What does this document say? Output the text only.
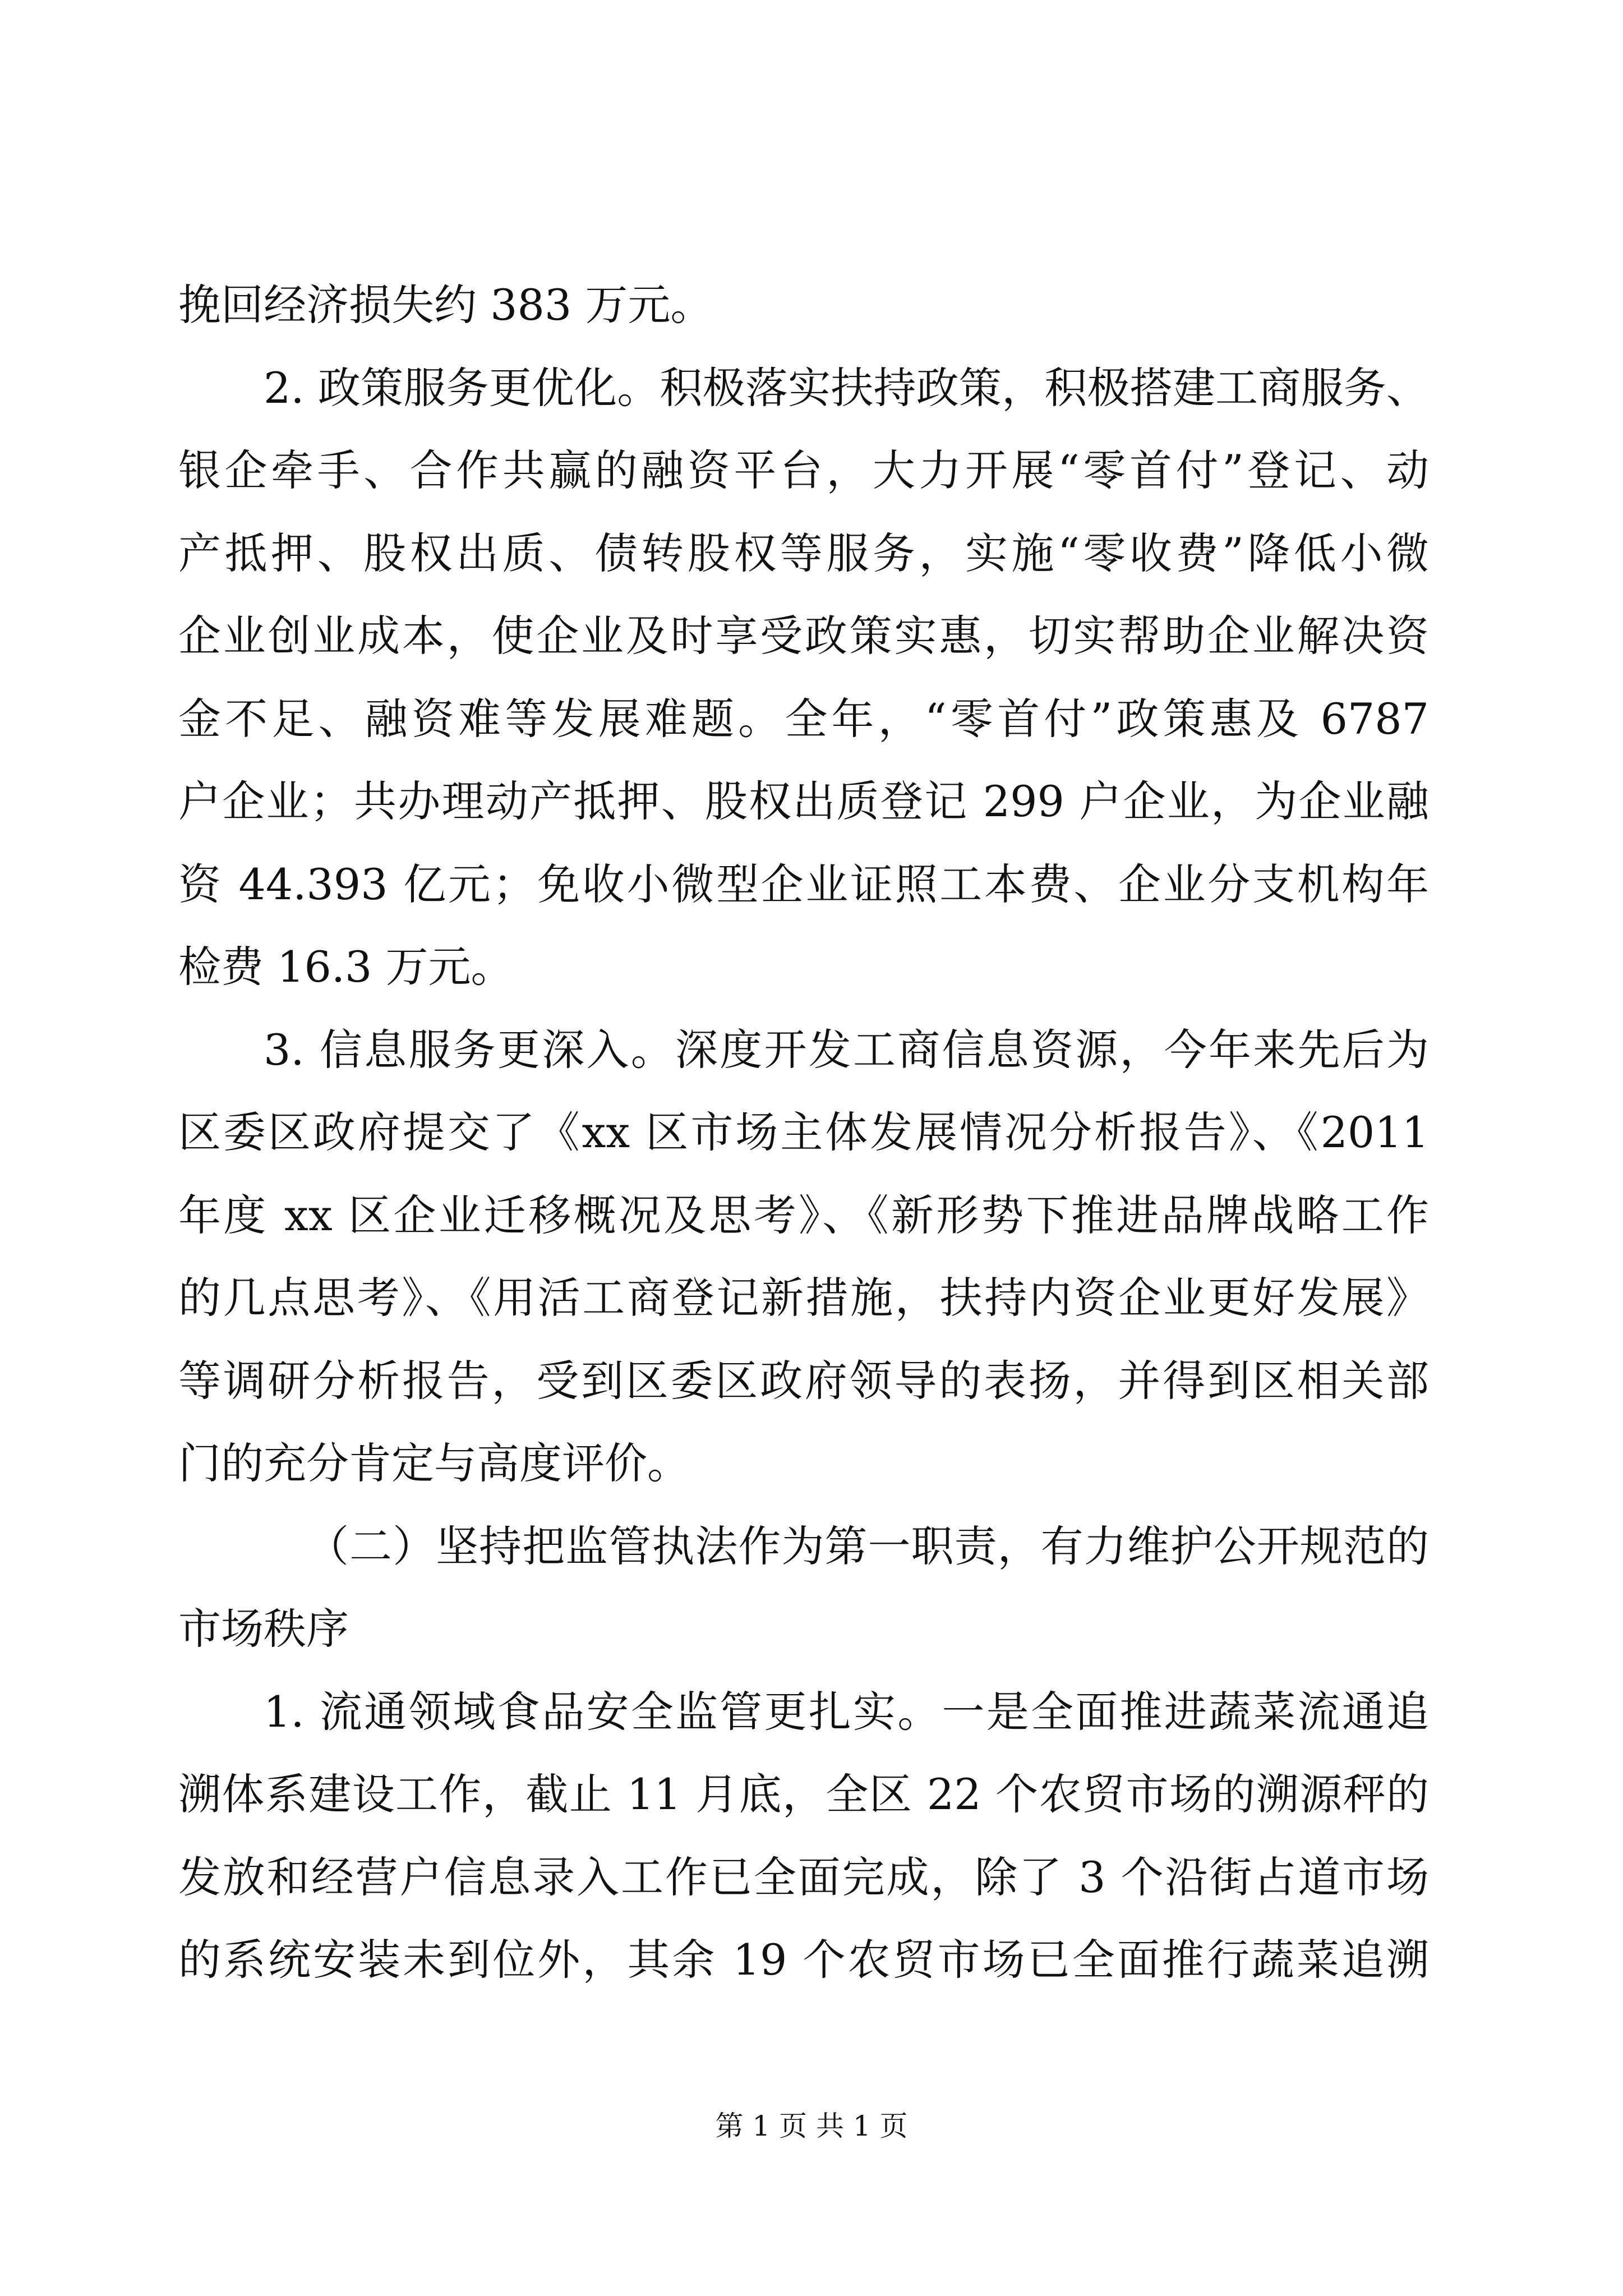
挽回经济损失约 383 万元。
2. 政策服务更优化。积极落实扶持政策，积极搭建工商服务、
银企牵手、合作共赢的融资平台，大力开展“零首付”登记、动
产抵押、股权出质、债转股权等服务，实施“零收费”降低小微
企业创业成本，使企业及时享受政策实惠，切实帮助企业解决资
金不足、融资难等发展难题。全年，“零首付”政策惠及 6787
户企业；共办理动产抵押、股权出质登记 299 户企业，为企业融
资 44.393 亿元；免收小微型企业证照工本费、企业分支机构年
检费 16.3 万元。
3. 信息服务更深入。深度开发工商信息资源，今年来先后为
区委区政府提交了《xx 区市场主体发展情况分析报告》、《2011
年度 xx 区企业迁移概况及思考》、《新形势下推进品牌战略工作
的几点思考》、《用活工商登记新措施，扶持内资企业更好发展》
等调研分析报告，受到区委区政府领导的表扬，并得到区相关部
门的充分肯定与高度评价。
（二）坚持把监管执法作为第一职责，有力维护公开规范的
市场秩序
1. 流通领域食品安全监管更扎实。一是全面推进蔬菜流通追
溯体系建设工作，截止 11 月底，全区 22 个农贸市场的溯源秤的
发放和经营户信息录入工作已全面完成，除了 3 个沿街占道市场
的系统安装未到位外，其余 19 个农贸市场已全面推行蔬菜追溯
第 1 页 共 1 页
